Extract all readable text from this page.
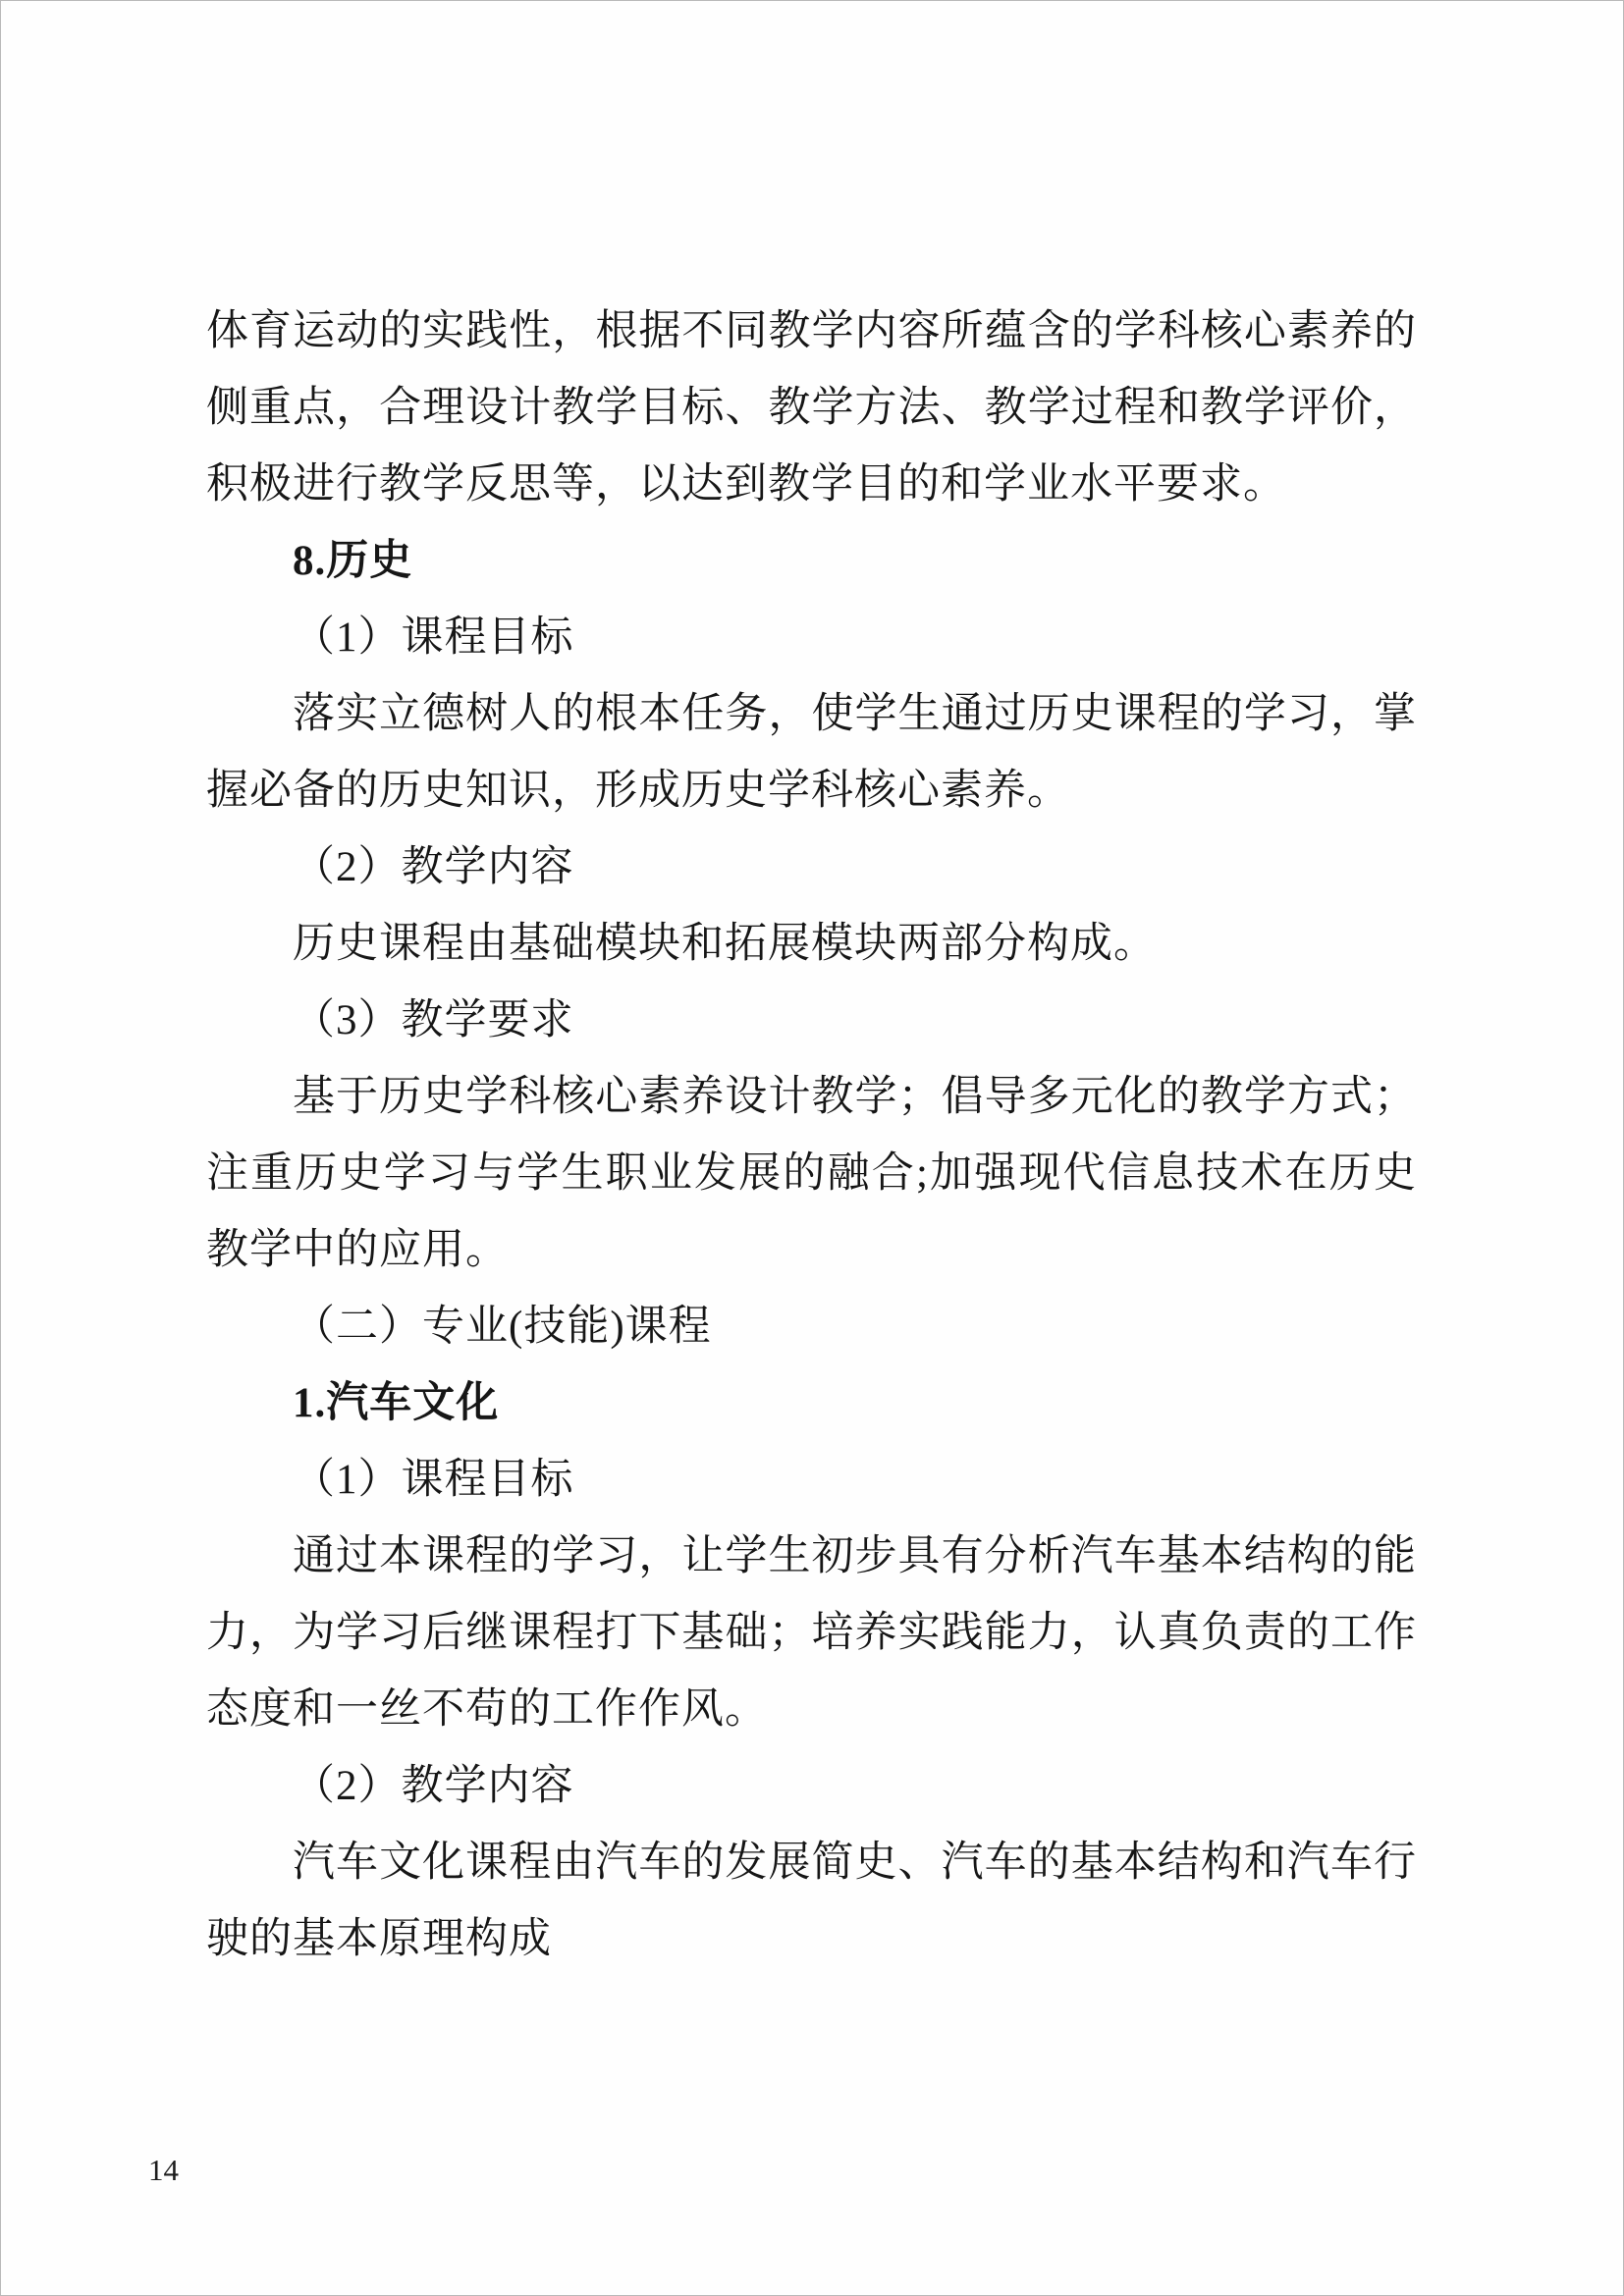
体育运动的实践性，根据不同教学内容所蕴含的学科核心素养的
侧重点，合理设计教学目标、教学方法、教学过程和教学评价，
积极进行教学反思等，以达到教学目的和学业水平要求。
8.历史
（1）课程目标
落实立德树人的根本任务，使学生通过历史课程的学习，掌
握必备的历史知识，形成历史学科核心素养。
（2）教学内容
历史课程由基础模块和拓展模块两部分构成。
（3）教学要求
基于历史学科核心素养设计教学；倡导多元化的教学方式；
注重历史学习与学生职业发展的融合;加强现代信息技术在历史
教学中的应用。
（二）专业(技能)课程
1.汽车文化
（1）课程目标
通过本课程的学习，让学生初步具有分析汽车基本结构的能
力，为学习后继课程打下基础；培养实践能力，认真负责的工作
态度和一丝不苟的工作作风。
（2）教学内容
汽车文化课程由汽车的发展简史、汽车的基本结构和汽车行
驶的基本原理构成
14
